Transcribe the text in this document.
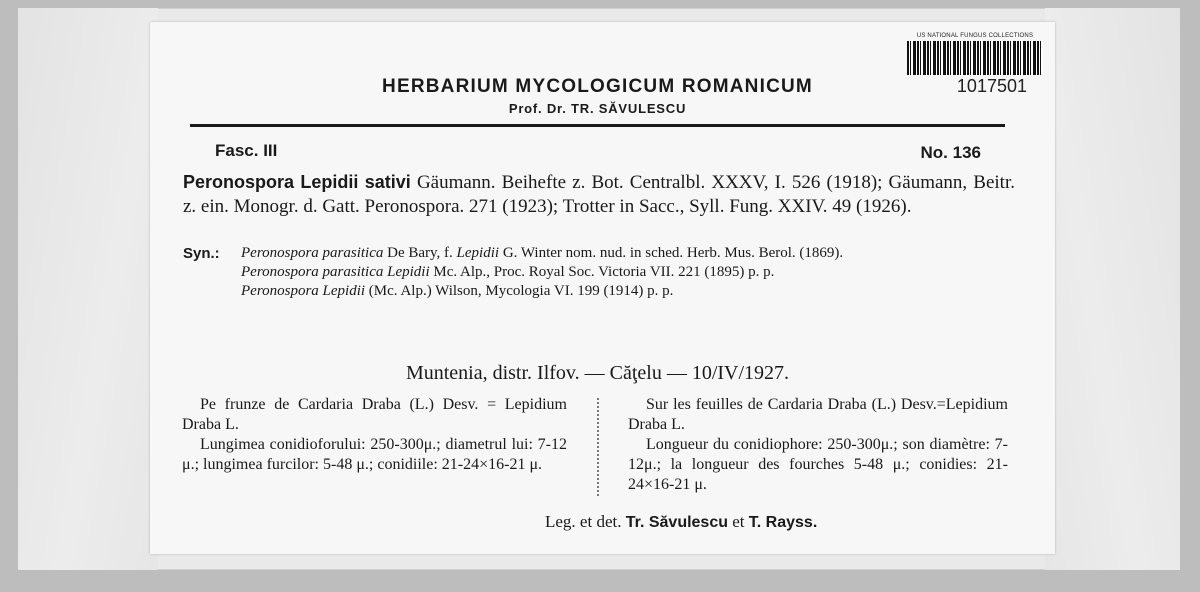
US NATIONAL FUNGUS COLLECTIONS
1017501
HERBARIUM MYCOLOGICUM ROMANICUM
Prof. Dr. TR. SĂVULESCU
Fasc. III	No. 136
Peronospora Lepidii sativi Gäumann. Beihefte z. Bot. Centralbl. XXXV, I. 526 (1918); Gäumann, Beitr. z. ein. Monogr. d. Gatt. Peronospora. 271 (1923); Trotter in Sacc., Syll. Fung. XXIV. 49 (1926).
Syn.: Peronospora parasitica De Bary, f. Lepidii G. Winter nom. nud. in sched. Herb. Mus. Berol. (1869).
Peronospora parasitica Lepidii Mc. Alp., Proc. Royal Soc. Victoria VII. 221 (1895) p. p.
Peronospora Lepidii (Mc. Alp.) Wilson, Mycologia VI. 199 (1914) p. p.
Muntenia, distr. Ilfov. — Căţelu — 10/IV/1927.

Pe frunze de Cardaria Draba (L.) Desv. = Lepidium Draba L.

Lungimea conidioforului: 250-300μ.; diametrul lui: 7-12 μ.; lungimea furcilor: 5-48 μ.; conidiile: 21-24×16-21 μ.

Sur les feuilles de Cardaria Draba (L.) Desv.=Lepidium Draba L.

Longueur du conidiophore: 250-300μ.; son diamètre: 7-12μ.; la longueur des fourches 5-48 μ.; conidies: 21-24×16-21 μ.

Leg. et det. Tr. Săvulescu et T. Rayss.
